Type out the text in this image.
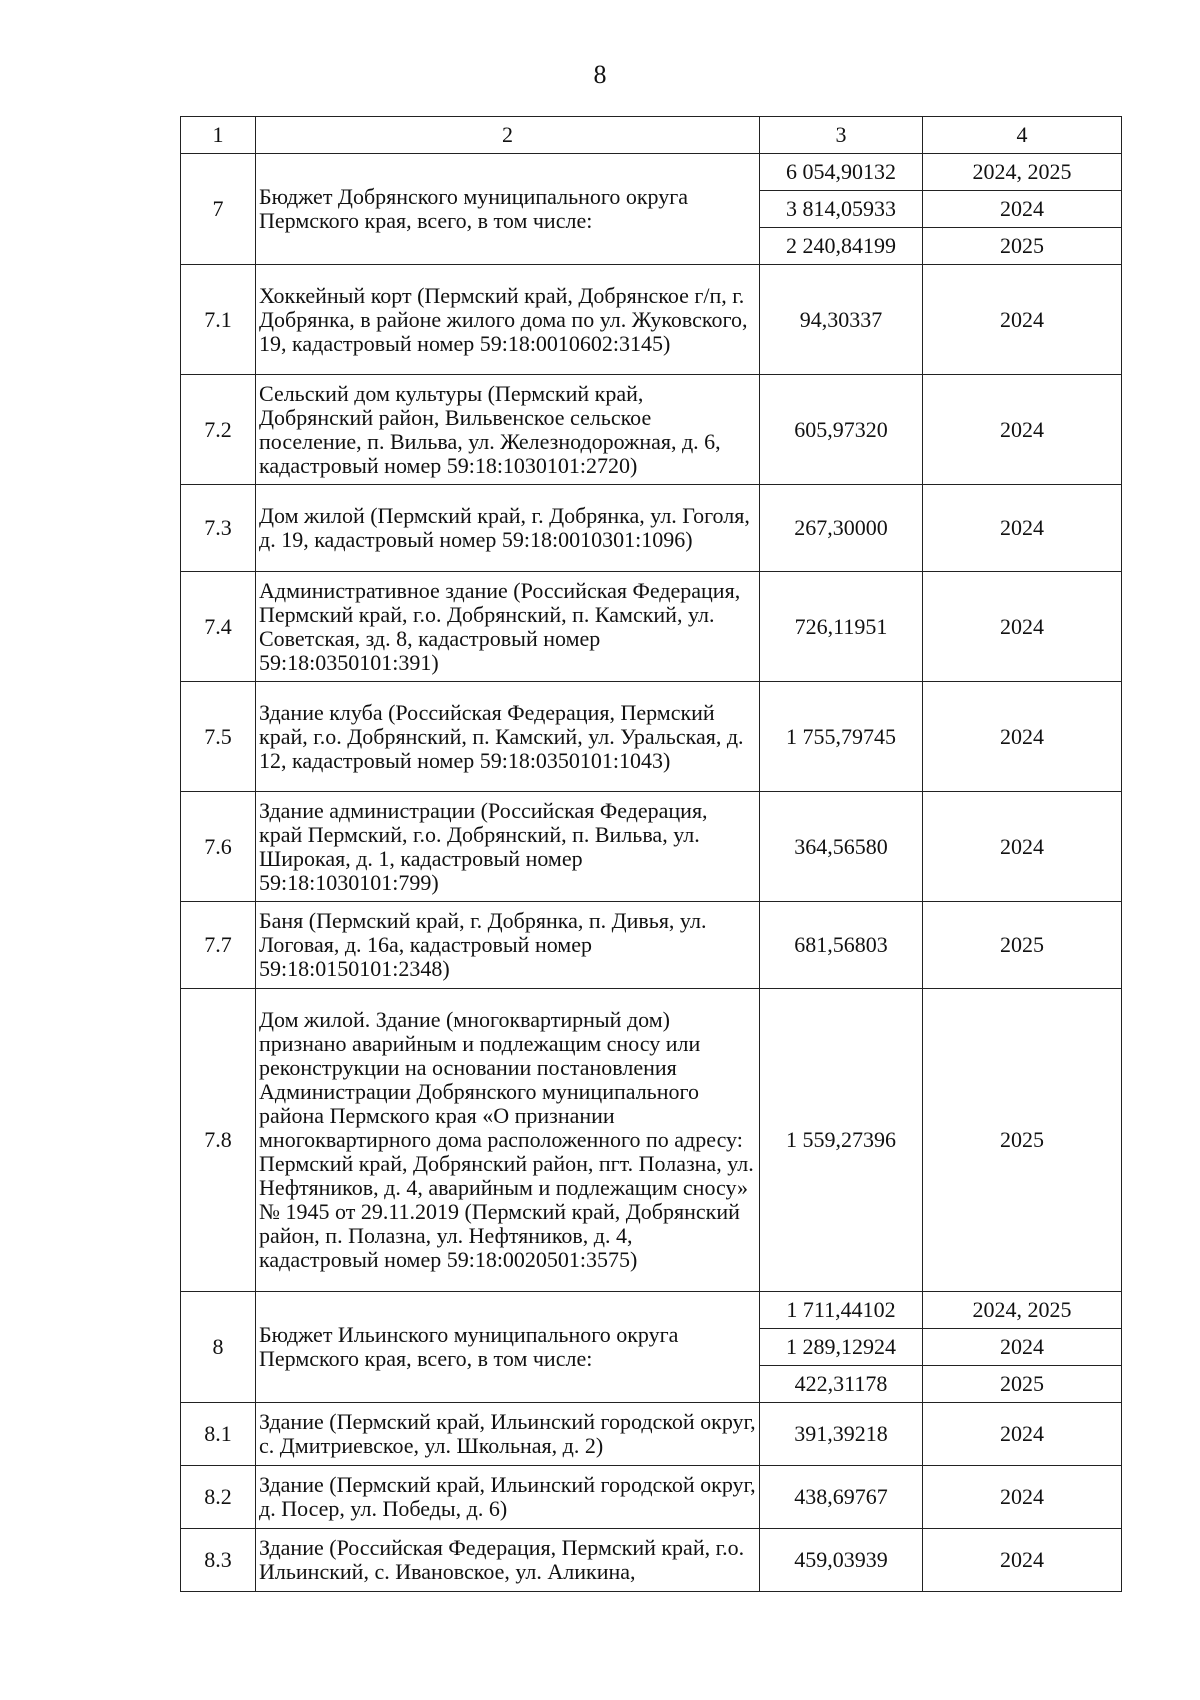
8
1	2	3	4
7	Бюджет Добрянского муниципального округа Пермского края, всего, в том числе:	6 054,90132	2024, 2025
		3 814,05933	2024
		2 240,84199	2025
7.1	Хоккейный корт (Пермский край, Добрянское г/п, г. Добрянка, в районе жилого дома по ул. Жуковского, 19, кадастровый номер 59:18:0010602:3145)	94,30337	2024
7.2	Сельский дом культуры (Пермский край, Добрянский район, Вильвенское сельское поселение, п. Вильва, ул. Железнодорожная, д. 6, кадастровый номер 59:18:1030101:2720)	605,97320	2024
7.3	Дом жилой (Пермский край, г. Добрянка, ул. Гоголя, д. 19, кадастровый номер 59:18:0010301:1096)	267,30000	2024
7.4	Административное здание (Российская Федерация, Пермский край, г.о. Добрянский, п. Камский, ул. Советская, зд. 8, кадастровый номер 59:18:0350101:391)	726,11951	2024
7.5	Здание клуба (Российская Федерация, Пермский край, г.о. Добрянский, п. Камский, ул. Уральская, д. 12, кадастровый номер 59:18:0350101:1043)	1 755,79745	2024
7.6	Здание администрации (Российская Федерация, край Пермский, г.о. Добрянский, п. Вильва, ул. Широкая, д. 1, кадастровый номер 59:18:1030101:799)	364,56580	2024
7.7	Баня (Пермский край, г. Добрянка, п. Дивья, ул. Логовая, д. 16а, кадастровый номер 59:18:0150101:2348)	681,56803	2025
7.8	Дом жилой. Здание (многоквартирный дом) признано аварийным и подлежащим сносу или реконструкции на основании постановления Администрации Добрянского муниципального района Пермского края «О признании многоквартирного дома расположенного по адресу: Пермский край, Добрянский район, пгт. Полазна, ул. Нефтяников, д. 4, аварийным и подлежащим сносу» № 1945 от 29.11.2019 (Пермский край, Добрянский район, п. Полазна, ул. Нефтяников, д. 4, кадастровый номер 59:18:0020501:3575)	1 559,27396	2025
8	Бюджет Ильинского муниципального округа Пермского края, всего, в том числе:	1 711,44102	2024, 2025
		1 289,12924	2024
		422,31178	2025
8.1	Здание (Пермский край, Ильинский городской округ, с. Дмитриевское, ул. Школьная, д. 2)	391,39218	2024
8.2	Здание (Пермский край, Ильинский городской округ, д. Посер, ул. Победы, д. 6)	438,69767	2024
8.3	Здание (Российская Федерация, Пермский край, г.о. Ильинский, с. Ивановское, ул. Аликина,	459,03939	2024
